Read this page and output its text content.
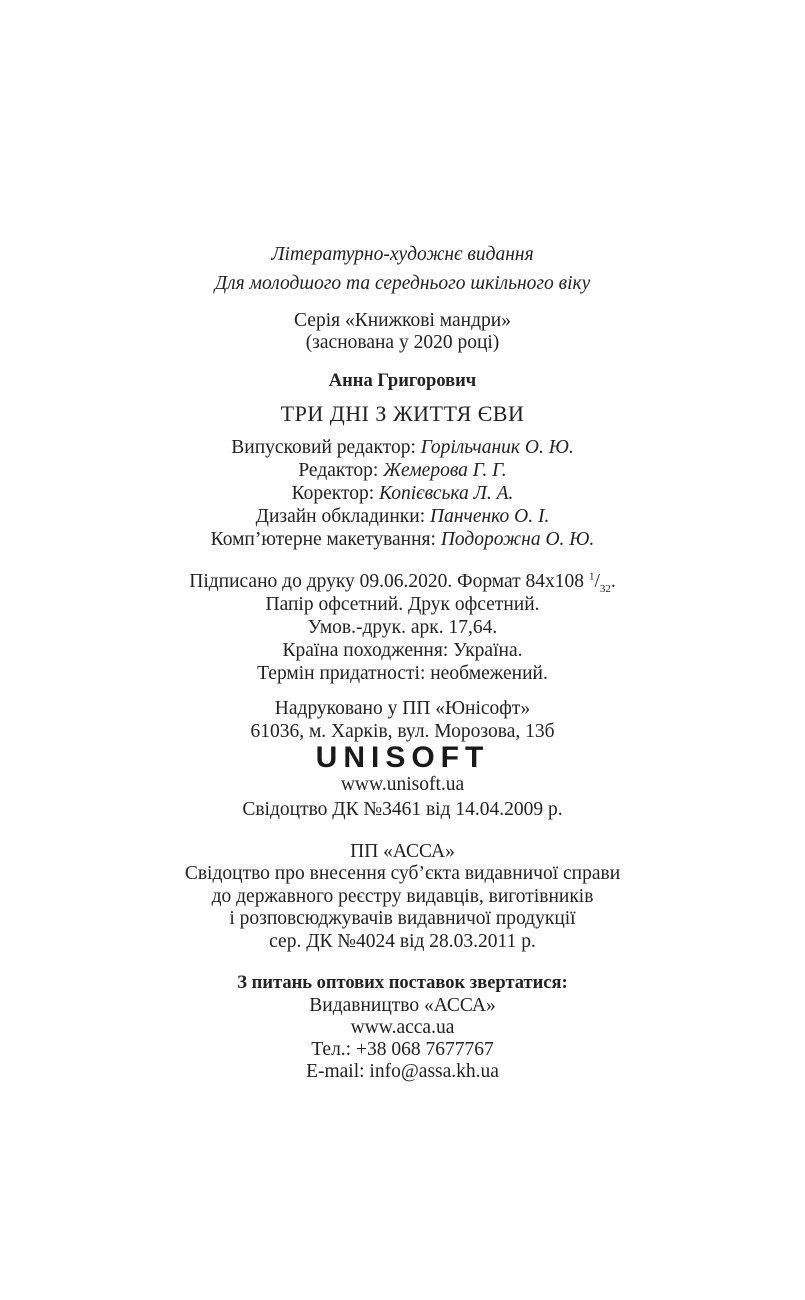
Літературно-художнє видання
Для молодшого та середнього шкільного віку
Серія «Книжкові мандри»
(заснована у 2020 році)
Анна Григорович
ТРИ ДНІ З ЖИТТЯ ЄВИ
Випусковий редактор: Горільчаник О. Ю.
Редактор: Жемерова Г. Г.
Коректор: Копієвська Л. А.
Дизайн обкладинки: Панченко О. І.
Комп’ютерне макетування: Подорожна О. Ю.
Підписано до друку 09.06.2020. Формат 84х108 $^1/_{32}$.
Папір офсетний. Друк офсетний.
Умов.-друк. арк. 17,64.
Країна походження: Україна.
Термін придатності: необмежений.
Надруковано у ПП «Юнісофт»
61036, м. Харків, вул. Морозова, 13б
UNISOFT
www.unisoft.ua
Свідоцтво ДК №3461 від 14.04.2009 р.
ПП «АССА»
Свідоцтво про внесення суб’єкта видавничої справи
до державного реєстру видавців, виготівників
і розповсюджувачів видавничої продукції
сер. ДК №4024 від 28.03.2011 р.
З питань оптових поставок звертатися:
Видавництво «АССА»
www.acca.ua
Тел.: +38 068 7677767
E-mail: info@assa.kh.ua
